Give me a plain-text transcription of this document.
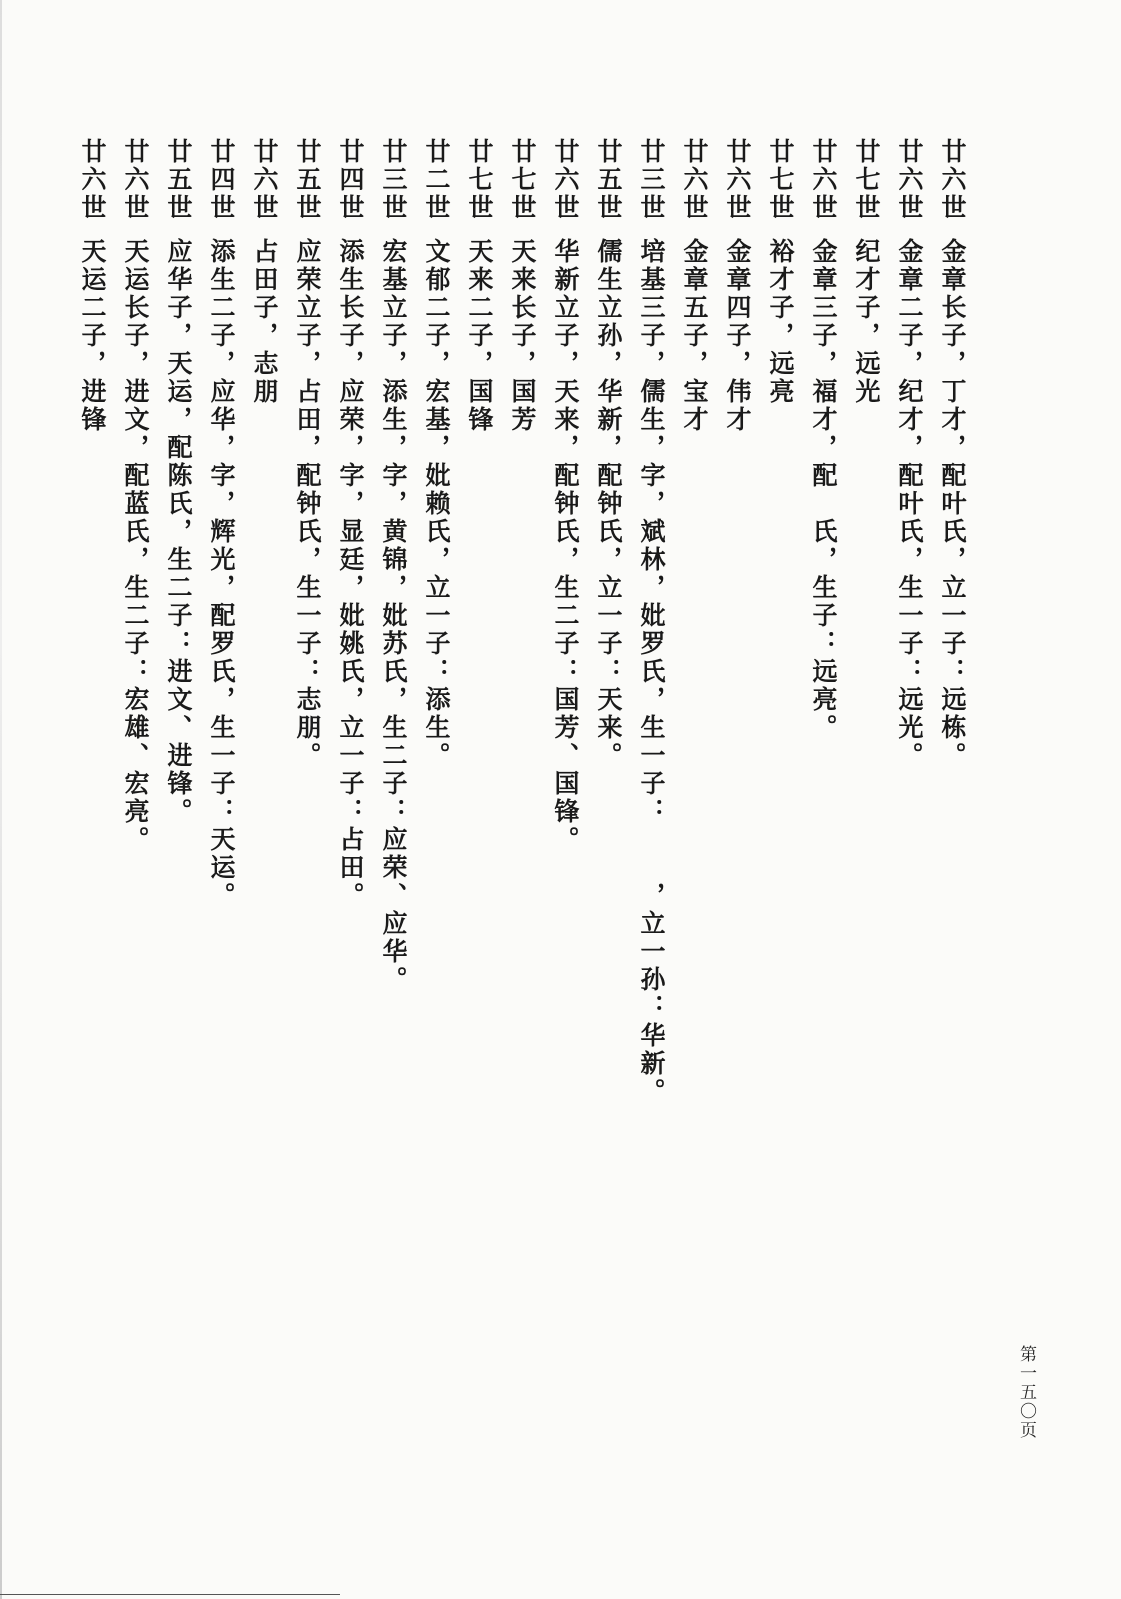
廿六世
金章长子，丁才，配叶氏，立一子：远栋。
廿六世
金章二子，纪才，配叶氏，生一子：远光。
廿七世
纪才子，远光
廿六世
金章三子，福才，配　氏，生子：远亮。
廿七世
裕才子，远亮
廿六世
金章四子，伟才
廿六世
金章五子，宝才
廿三世
培基三子，儒生，字，斌林，妣罗氏，生一子：　　，立一孙：华新。
廿五世
儒生立孙，华新，配钟氏，立一子：天来。
廿六世
华新立子，天来，配钟氏，生二子：国芳、国锋。
廿七世
天来长子，国芳
廿七世
天来二子，国锋
廿二世
文郁二子，宏基，妣赖氏，立一子：添生。
廿三世
宏基立子，添生，字，黄锦，妣苏氏，生二子：应荣、应华。
廿四世
添生长子，应荣，字，显廷，妣姚氏，立一子：占田。
廿五世
应荣立子，占田，配钟氏，生一子：志朋。
廿六世
占田子，志朋
廿四世
添生二子，应华，字，辉光，配罗氏，生一子：天运。
廿五世
应华子，天运，配陈氏，生二子：进文、进锋。
廿六世
天运长子，进文，配蓝氏，生二子：宏雄、宏亮。
廿六世
天运二子，进锋
第一五〇页
